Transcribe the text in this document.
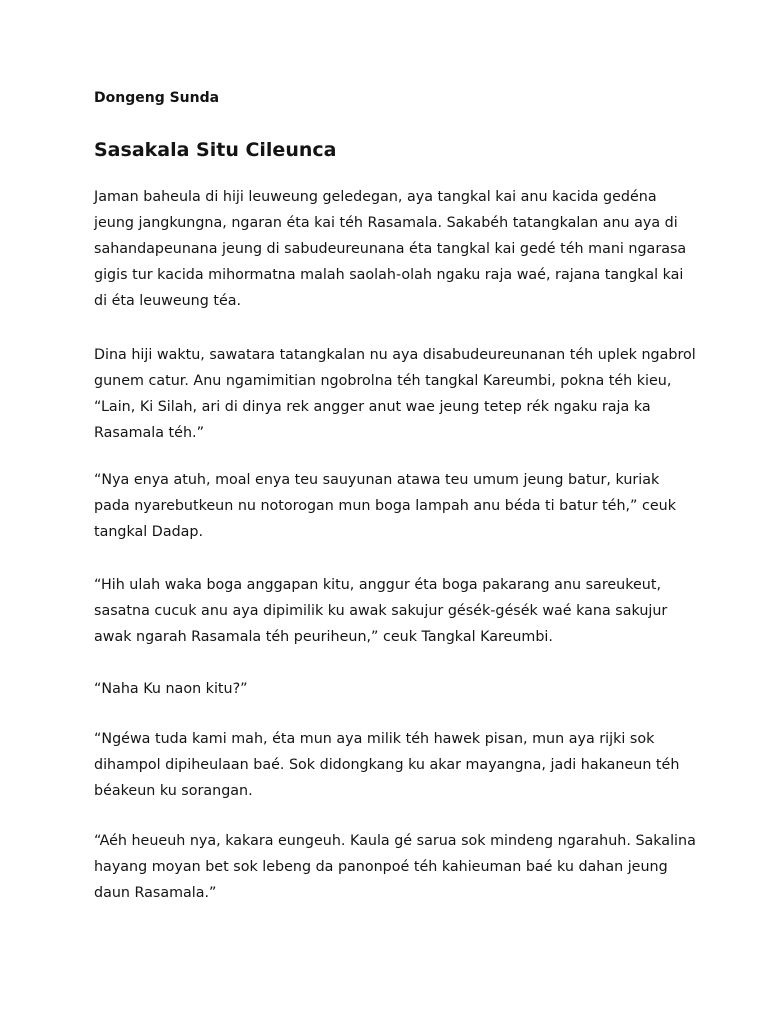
Dongeng Sunda
Sasakala Situ Cileunca
Jaman baheula di hiji leuweung geledegan, aya tangkal kai anu kacida gedéna
jeung jangkungna, ngaran éta kai téh Rasamala. Sakabéh tatangkalan anu aya di
sahandapeunana jeung di sabudeureunana éta tangkal kai gedé téh mani ngarasa
gigis tur kacida mihormatna malah saolah-olah ngaku raja waé, rajana tangkal kai
di éta leuweung téa.
Dina hiji waktu, sawatara tatangkalan nu aya disabudeureunanan téh uplek ngabrol
gunem catur. Anu ngamimitian ngobrolna téh tangkal Kareumbi, pokna téh kieu,
“Lain, Ki Silah, ari di dinya rek angger anut wae jeung tetep rék ngaku raja ka
Rasamala téh.”
“Nya enya atuh, moal enya teu sauyunan atawa teu umum jeung batur, kuriak
pada nyarebutkeun nu notorogan mun boga lampah anu béda ti batur téh,” ceuk
tangkal Dadap.
“Hih ulah waka boga anggapan kitu, anggur éta boga pakarang anu sareukeut,
sasatna cucuk anu aya dipimilik ku awak sakujur gésék-gésék waé kana sakujur
awak ngarah Rasamala téh peuriheun,” ceuk Tangkal Kareumbi.
“Naha Ku naon kitu?”
“Ngéwa tuda kami mah, éta mun aya milik téh hawek pisan, mun aya rijki sok
dihampol dipiheulaan baé. Sok didongkang ku akar mayangna, jadi hakaneun téh
béakeun ku sorangan.
“Aéh heueuh nya, kakara eungeuh. Kaula gé sarua sok mindeng ngarahuh. Sakalina
hayang moyan bet sok lebeng da panonpoé téh kahieuman baé ku dahan jeung
daun Rasamala.”
